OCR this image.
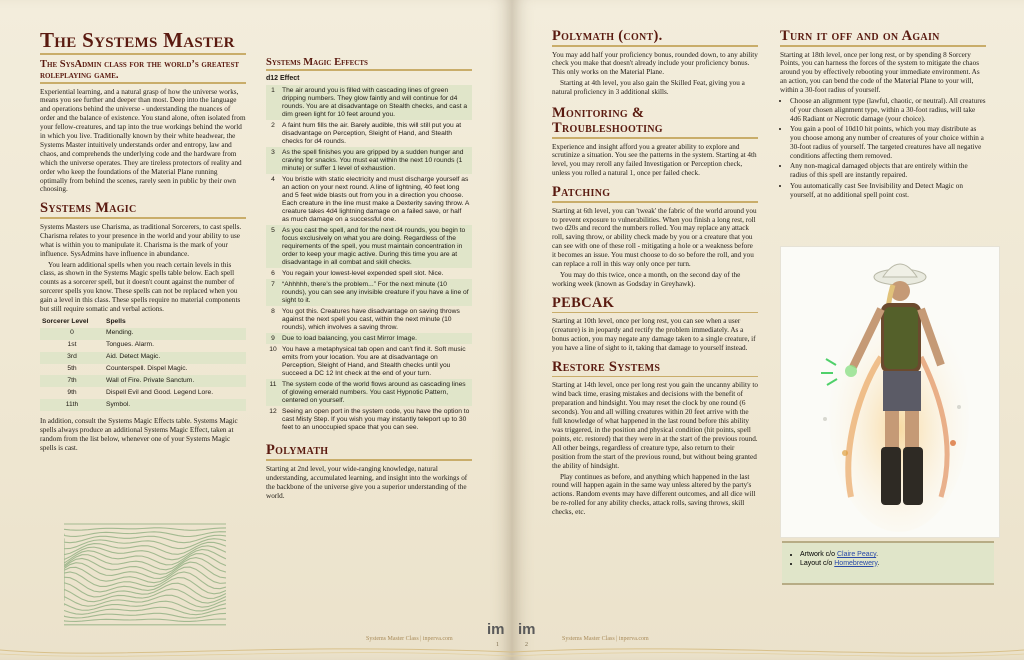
The Systems Master
The SysAdmin class for the world’s greatest roleplaying game.

Experiential learning, and a natural grasp of how the universe works, means you see further and deeper than most. Deep into the language and operations behind the universe - understanding the nuances of order and the balance of existence. You stand alone, often isolated from your fellow-creatures, and tap into the true workings behind the world in which you live. Traditionally known by their white headwear, the Systems Master intuitively understands order and entropy, law and chaos, and comprehends the underlying code and the hardware from which the universe operates. They are tireless protectors of reality and order who keep the foundations of the Material Plane running optimally from behind the scenes, rarely seen in public by their own choosing.

Systems Magic

Systems Masters use Charisma, as traditional Sorcerers, to cast spells. Charisma relates to your presence in the world and your ability to use what is within you to manipulate it. Charisma is the mark of your influence. SysAdmins have influence in abundance.

You learn additional spells when you reach certain levels in this class, as shown in the Systems Magic spells table below. Each spell counts as a sorcerer spell, but it doesn't count against the number of sorcerer spells you know. These spells can not be replaced when you gain a level in this class. These spells require no material components but still require somatic and verbal actions.

Sorcerer Level	Spells
0	Mending.
1st	Tongues. Alarm.
3rd	Aid. Detect Magic.
5th	Counterspell. Dispel Magic.
7th	Wall of Fire. Private Sanctum.
9th	Dispell Evil and Good. Legend Lore.
11th	Symbol.

In addition, consult the Systems Magic Effects table. Systems Magic spells always produce an additional Systems Magic Effect, taken at random from the list below, whenever one of your Systems Magic spells is cast.

Systems Magic Effects
d12 Effect
1	The air around you is filled with cascading lines of green dripping numbers. They glow faintly and will continue for d4 rounds. You are at disadvantage on Stealth checks, and cast a dim green light for 10 feet around you.
2	A faint hum fills the air. Barely audible, this will still put you at disadvantage on Perception, Sleight of Hand, and Stealth checks for d4 rounds.
3	As the spell finishes you are gripped by a sudden hunger and craving for snacks. You must eat within the next 10 rounds (1 minute) or suffer 1 level of exhaustion.
4	You bristle with static electricity and must discharge yourself as an action on your next round. A line of lightning, 40 feet long and 5 feet wide blasts out from you in a direction you choose. Each creature in the line must make a Dexterity saving throw. A creature takes 4d4 lightning damage on a failed save, or half as much damage on a successful one.
5	As you cast the spell, and for the next d4 rounds, you begin to focus exclusively on what you are doing. Regardless of the requirements of the spell, you must maintain concentration in order to keep your magic active. During this time you are at disadvantage in all combat and skill checks.
6	You regain your lowest-level expended spell slot. Nice.
7	“Ahhhhh, there’s the problem...” For the next minute (10 rounds), you can see any invisible creature if you have a line of sight to it.
8	You got this. Creatures have disadvantage on saving throws against the next spell you cast, within the next minute (10 rounds), which involves a saving throw.
9	Due to load balancing, you cast Mirror Image.
10	You have a metaphysical tab open and can't find it. Soft music emits from your location. You are at disadvantage on Perception, Sleight of Hand, and Stealth checks until you succeed a DC 12 Int check at the end of your turn.
11	The system code of the world flows around as cascading lines of glowing emerald numbers. You cast Hypnotic Pattern, centered on yourself.
12	Seeing an open port in the system code, you have the option to cast Misty Step. If you wish you may instantly teleport up to 30 feet to an unoccupied space that you can see.
Polymath

Starting at 2nd level, your wide-ranging knowledge, natural understanding, accumulated learning, and insight into the workings of the backbone of the universe give you a superior understanding of the world.

im
Systems Master Class | inperva.com
1
Polymath (cont).

You may add half your proficiency bonus, rounded down, to any ability check you make that doesn't already include your proficiency bonus. This only works on the Material Plane.

Starting at 4th level, you also gain the Skilled Feat, giving you a natural proficiency in 3 additional skills.

Monitoring & Troubleshooting

Experience and insight afford you a greater ability to explore and scrutinize a situation. You see the patterns in the system. Starting at 4th level, you may reroll any failed Investigation or Perception check, unless you rolled a natural 1, once per failed check.

Patching

Starting at 6th level, you can 'tweak' the fabric of the world around you to prevent exposure to vulnerabilities. When you finish a long rest, roll two d20s and record the numbers rolled. You may replace any attack roll, saving throw, or ability check made by you or a creature that you can see with one of these roll - mitigating a hole or a weakness before it becomes an issue. You must choose to do so before the roll, and you can replace a roll in this way only once per turn.

You may do this twice, once a month, on the second day of the working week (known as Godsday in Greyhawk).

PEBCAK

Starting at 10th level, once per long rest, you can see when a user (creature) is in jeopardy and rectify the problem immediately. As a bonus action, you may negate any damage taken to a single creature, if you have a line of sight to it, taking that damage to yourself instead.

Restore Systems

Starting at 14th level, once per long rest you gain the uncanny ability to wind back time, erasing mistakes and decisions with the benefit of preparation and hindsight. You may reset the clock by one round (6 seconds). You and all willing creatures within 20 feet arrive with the full knowledge of what happened in the last round before this ability was triggered, in the position and physical condition (hit points, spell points, etc. restored) that they were in at the start of the previous round. All other beings, regardless of creature type, also return to their position from the start of the previous round, but without being granted the ability of hindsight.

Play continues as before, and anything which happened in the last round will happen again in the same way unless altered by the party's actions. Random events may have different outcomes, and all dice will be re-rolled for any ability checks, attack rolls, saving throws, skill checks, etc.

Turn it off and on Again

Starting at 18th level, once per long rest, or by spending 8 Sorcery Points, you can harness the forces of the system to mitigate the chaos around you by effectively rebooting your immediate environment. As an action, you can bend the code of the Material Plane to your will, within a 30-foot radius of yourself.

• Choose an alignment type (lawful, chaotic, or neutral). All creatures of your chosen alignment type, within a 30-foot radius, will take 4d6 Radiant or Necrotic damage (your choice).
• You gain a pool of 10d10 hit points, which you may distribute as you choose among any number of creatures of your choice within a 30-foot radius of yourself. The targeted creatures have all negative conditions affecting them removed.
• Any non-magical damaged objects that are entirely within the radius of this spell are instantly repaired.
• You automatically cast See Invisibility and Detect Magic on yourself, at no additional spell point cost.
im
Systems Master Class | inperva.com
2
• Artwork c/o Claire Peacy.
• Layout c/o Homebrewery.
